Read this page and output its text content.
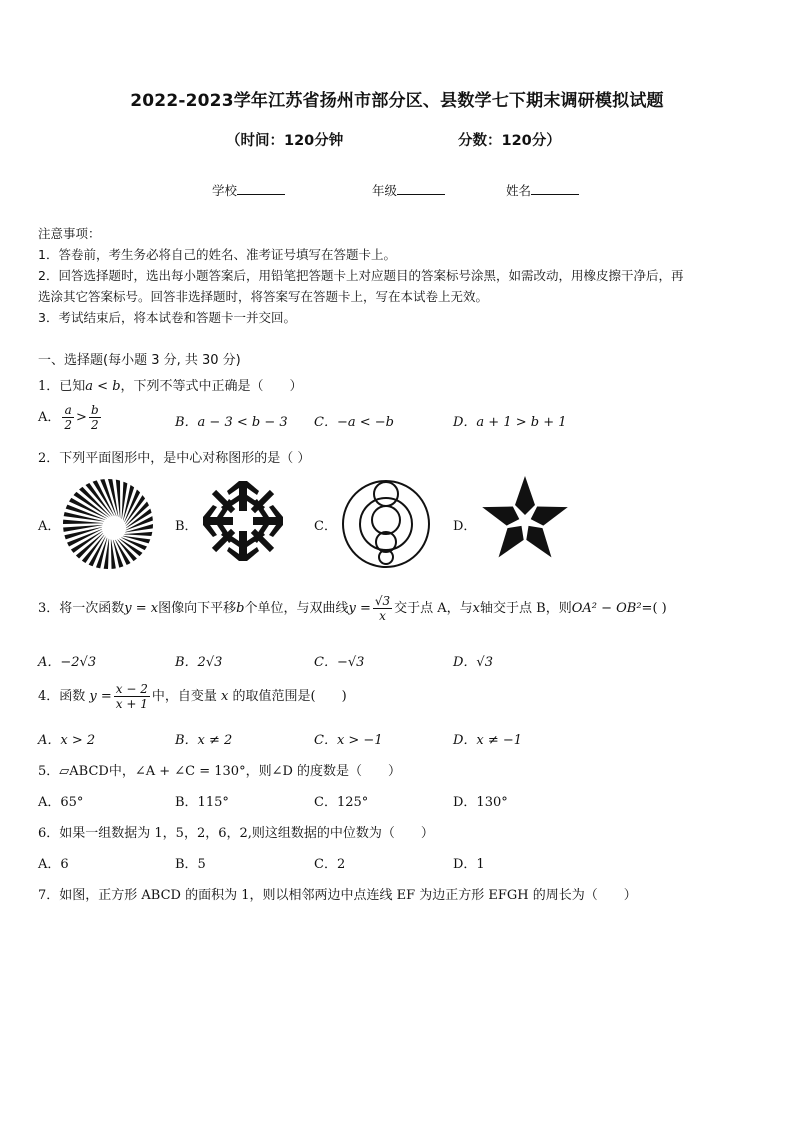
2022-2023学年江苏省扬州市部分区、县数学七下期末调研模拟试题
（时间：120分钟	分数：120分）
学校	年级	姓名
注意事项：
1．答卷前，考生务必将自己的姓名、准考证号填写在答题卡上。
2．回答选择题时，选出每小题答案后，用铅笔把答题卡上对应题目的答案标号涂黑，如需改动，用橡皮擦干净后，再
选涂其它答案标号。回答非选择题时，将答案写在答题卡上，写在本试卷上无效。
3．考试结束后，将本试卷和答题卡一并交回。
一、选择题(每小题 3 分, 共 30 分)
1．已知a < b，下列不等式中正确是（　　）
A． $\frac{a}{2} > \frac{b}{2}$	B．a − 3 < b − 3 C．−a < −b	D．a + 1 > b + 1
2．下列平面图形中，是中心对称图形的是（ ）
A．	B．	C．	D．
3．将一次函数y = x图像向下平移b个单位，与双曲线$y = \frac{√3}{x}$ 交于点 A，与x轴交于点 B，则OA² − OB²=( )
A．−2√3	B．2√3	C．−√3	D．√3
4．函数 $y = \frac{x - 2}{x + 1}$ 中，自变量 x 的取值范围是(　　)
A．x > 2	B．x ≠ 2	C．x > −1	D．x ≠ −1
5．▱ABCD中，∠A + ∠C = 130°，则∠D 的度数是（　　）
A．65°	B．115°	C．125°	D．130°
6．如果一组数据为 1，5，2，6，2,则这组数据的中位数为（　　）
A．6	B．5	C．2	D．1
7．如图，正方形 ABCD 的面积为 1，则以相邻两边中点连线 EF 为边正方形 EFGH 的周长为（　　）
